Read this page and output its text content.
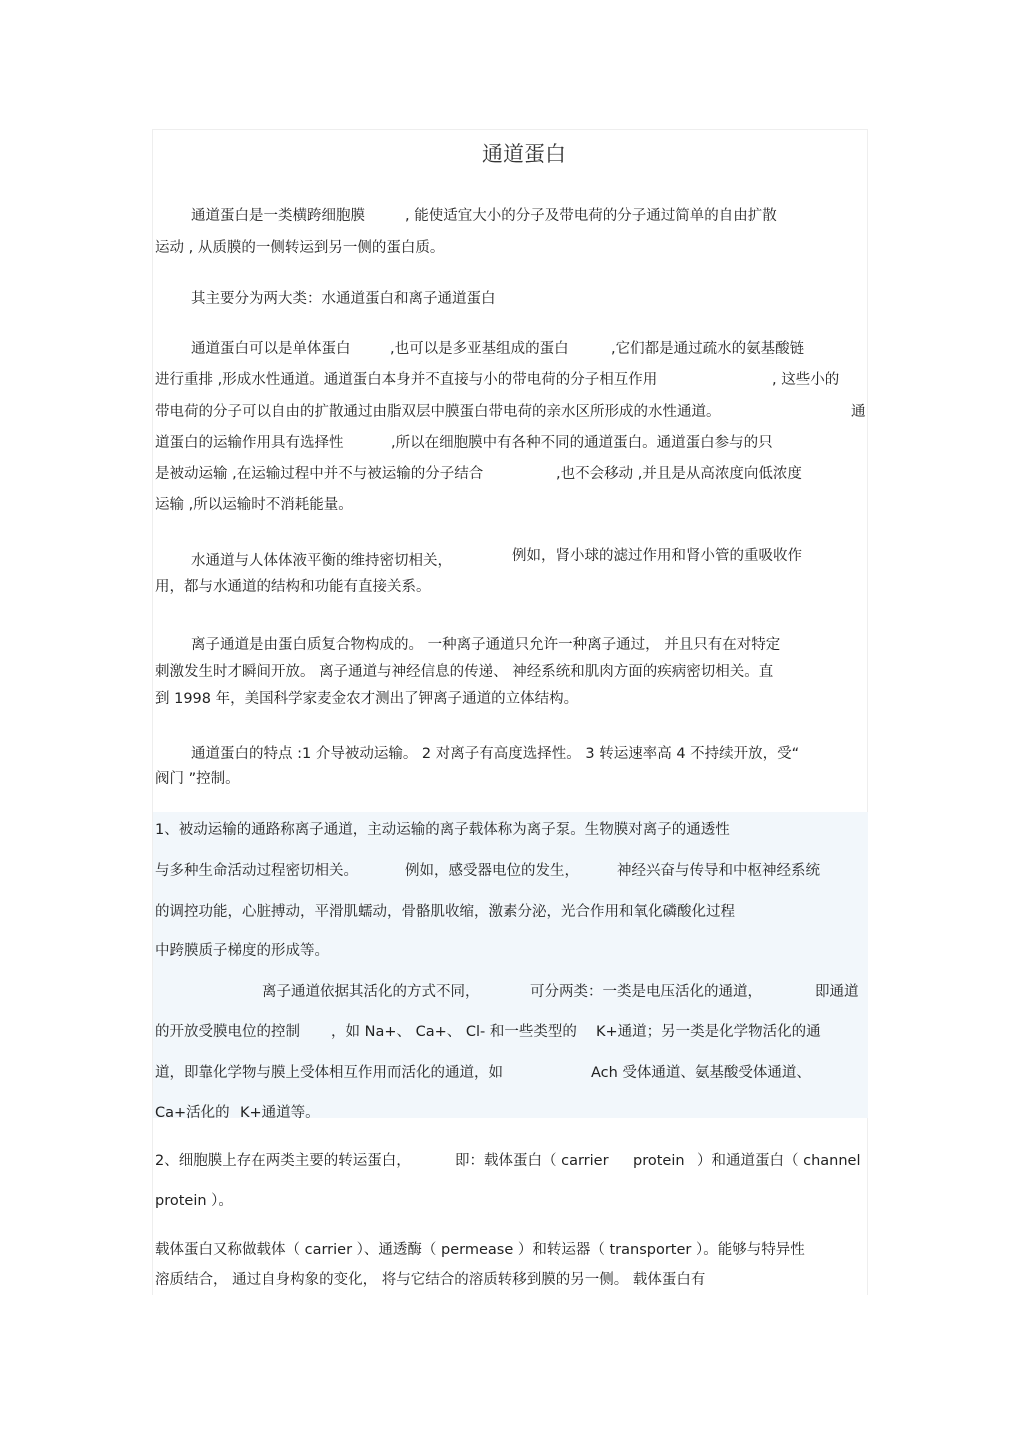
通道蛋白
通道蛋白是一类横跨细胞膜	, 能使适宜大小的分子及带电荷的分子通过简单的自由扩散
运动 , 从质膜的一侧转运到另一侧的蛋白质。
其主要分为两大类：水通道蛋白和离子通道蛋白
通道蛋白可以是单体蛋白	,也可以是多亚基组成的蛋白	,它们都是通过疏水的氨基酸链
进行重排 ,形成水性通道。通道蛋白本身并不直接与小的带电荷的分子相互作用	, 这些小的
带电荷的分子可以自由的扩散通过由脂双层中膜蛋白带电荷的亲水区所形成的水性通道。	通
道蛋白的运输作用具有选择性	,所以在细胞膜中有各种不同的通道蛋白。通道蛋白参与的只
是被动运输 ,在运输过程中并不与被运输的分子结合	,也不会移动 ,并且是从高浓度向低浓度
运输 ,所以运输时不消耗能量。
水通道与人体体液平衡的维持密切相关，	例如，肾小球的滤过作用和肾小管的重吸收作
用，都与水通道的结构和功能有直接关系。
离子通道是由蛋白质复合物构成的。 一种离子通道只允许一种离子通过， 并且只有在对特定
刺激发生时才瞬间开放。 离子通道与神经信息的传递、 神经系统和肌肉方面的疾病密切相关。直
到 1998 年，美国科学家麦金农才测出了钾离子通道的立体结构。
通道蛋白的特点 :1 介导被动运输。 2 对离子有高度选择性。 3 转运速率高 4 不持续开放，受“
阀门 ”控制。
1、被动运输的通路称离子通道，主动运输的离子载体称为离子泵。生物膜对离子的通透性
与多种生命活动过程密切相关。	例如，感受器电位的发生，	神经兴奋与传导和中枢神经系统
的调控功能，心脏搏动，平滑肌蠕动，骨骼肌收缩，激素分泌，光合作用和氧化磷酸化过程
中跨膜质子梯度的形成等。
离子通道依据其活化的方式不同，	可分两类：一类是电压活化的通道，	即通道
的开放受膜电位的控制 ，如 Na+、 Ca+、 Cl- 和一些类型的 K+通道；另一类是化学物活化的通
道，即靠化学物与膜上受体相互作用而活化的通道，如	Ach 受体通道、氨基酸受体通道、
Ca+活化的 K+通道等。
2、细胞膜上存在两类主要的转运蛋白，	即：载体蛋白（ carrier protein ）和通道蛋白（ channel
protein ）。
载体蛋白又称做载体（ carrier ）、通透酶（ permease ）和转运器（ transporter ）。能够与特异性
溶质结合， 通过自身构象的变化， 将与它结合的溶质转移到膜的另一侧。 载体蛋白有
